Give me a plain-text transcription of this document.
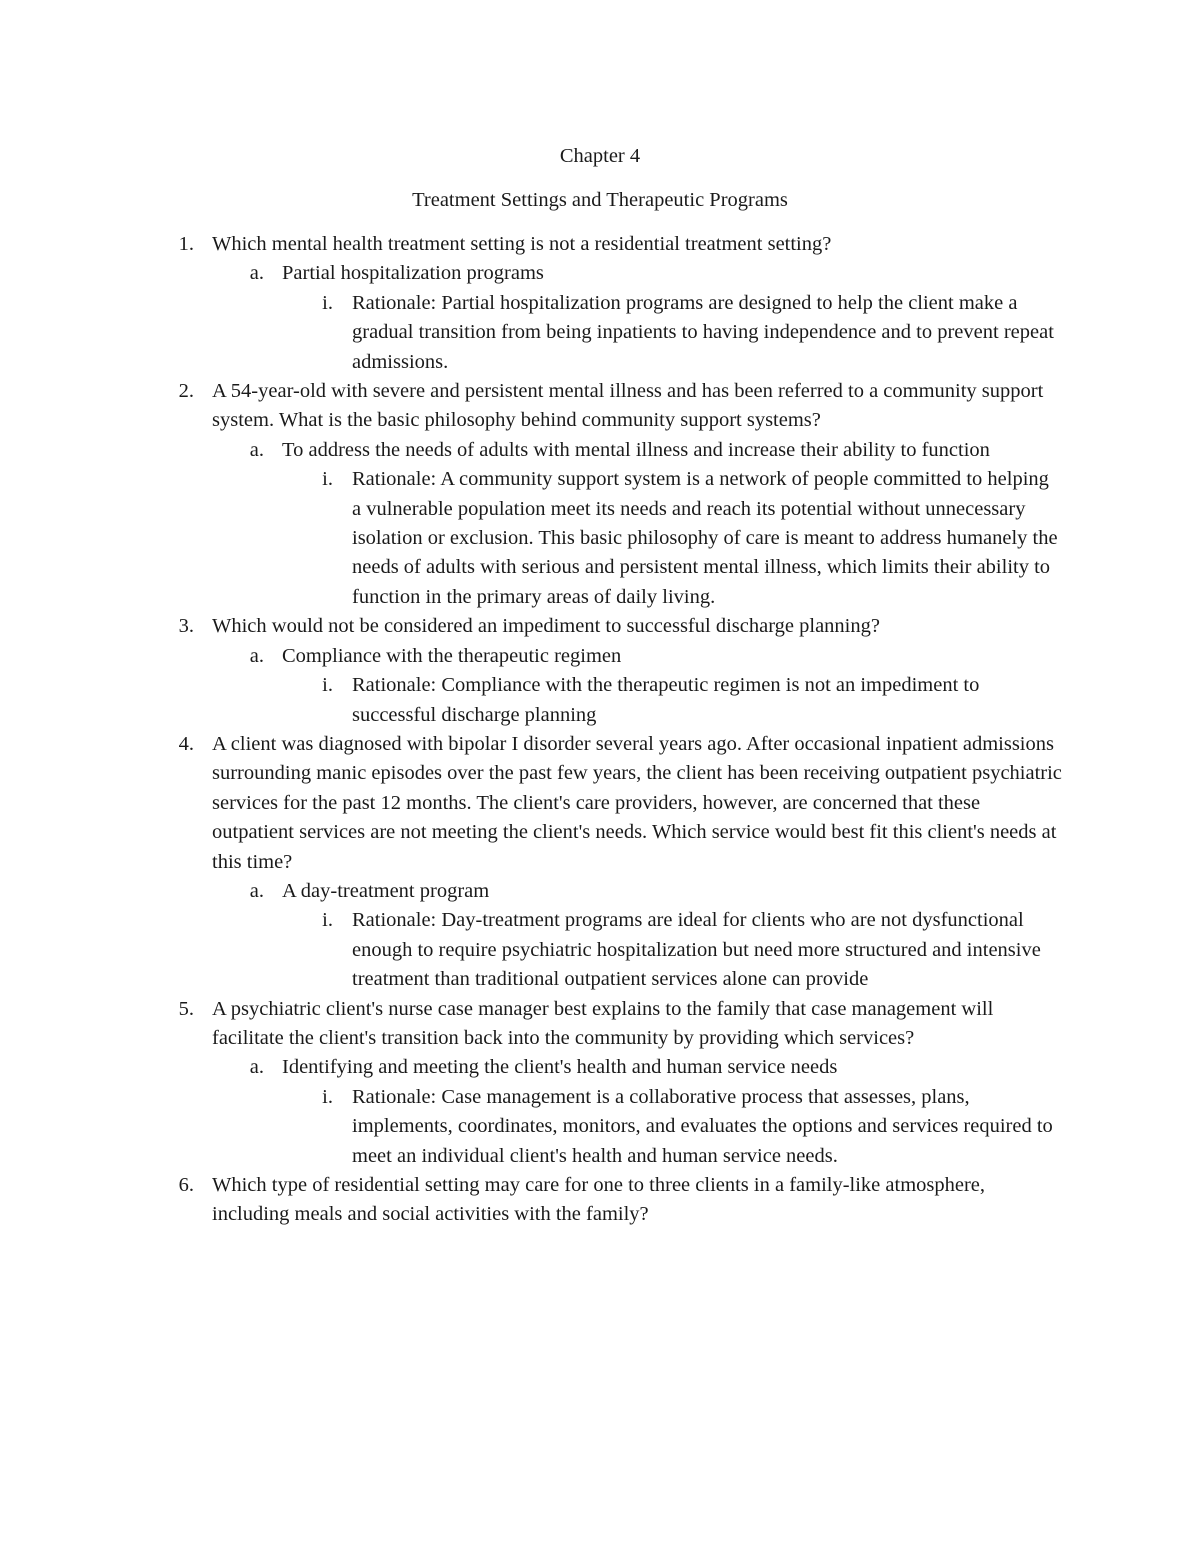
Chapter 4
Treatment Settings and Therapeutic Programs
1. Which mental health treatment setting is not a residential treatment setting?
a. Partial hospitalization programs
i. Rationale: Partial hospitalization programs are designed to help the client make a gradual transition from being inpatients to having independence and to prevent repeat admissions.
2. A 54-year-old with severe and persistent mental illness and has been referred to a community support system. What is the basic philosophy behind community support systems?
a. To address the needs of adults with mental illness and increase their ability to function
i. Rationale: A community support system is a network of people committed to helping a vulnerable population meet its needs and reach its potential without unnecessary isolation or exclusion. This basic philosophy of care is meant to address humanely the needs of adults with serious and persistent mental illness, which limits their ability to function in the primary areas of daily living.
3. Which would not be considered an impediment to successful discharge planning?
a. Compliance with the therapeutic regimen
i. Rationale: Compliance with the therapeutic regimen is not an impediment to successful discharge planning
4. A client was diagnosed with bipolar I disorder several years ago. After occasional inpatient admissions surrounding manic episodes over the past few years, the client has been receiving outpatient psychiatric services for the past 12 months. The client's care providers, however, are concerned that these outpatient services are not meeting the client's needs. Which service would best fit this client's needs at this time?
a. A day-treatment program
i. Rationale: Day-treatment programs are ideal for clients who are not dysfunctional enough to require psychiatric hospitalization but need more structured and intensive treatment than traditional outpatient services alone can provide
5. A psychiatric client's nurse case manager best explains to the family that case management will facilitate the client's transition back into the community by providing which services?
a. Identifying and meeting the client's health and human service needs
i. Rationale: Case management is a collaborative process that assesses, plans, implements, coordinates, monitors, and evaluates the options and services required to meet an individual client's health and human service needs.
6. Which type of residential setting may care for one to three clients in a family-like atmosphere, including meals and social activities with the family?
